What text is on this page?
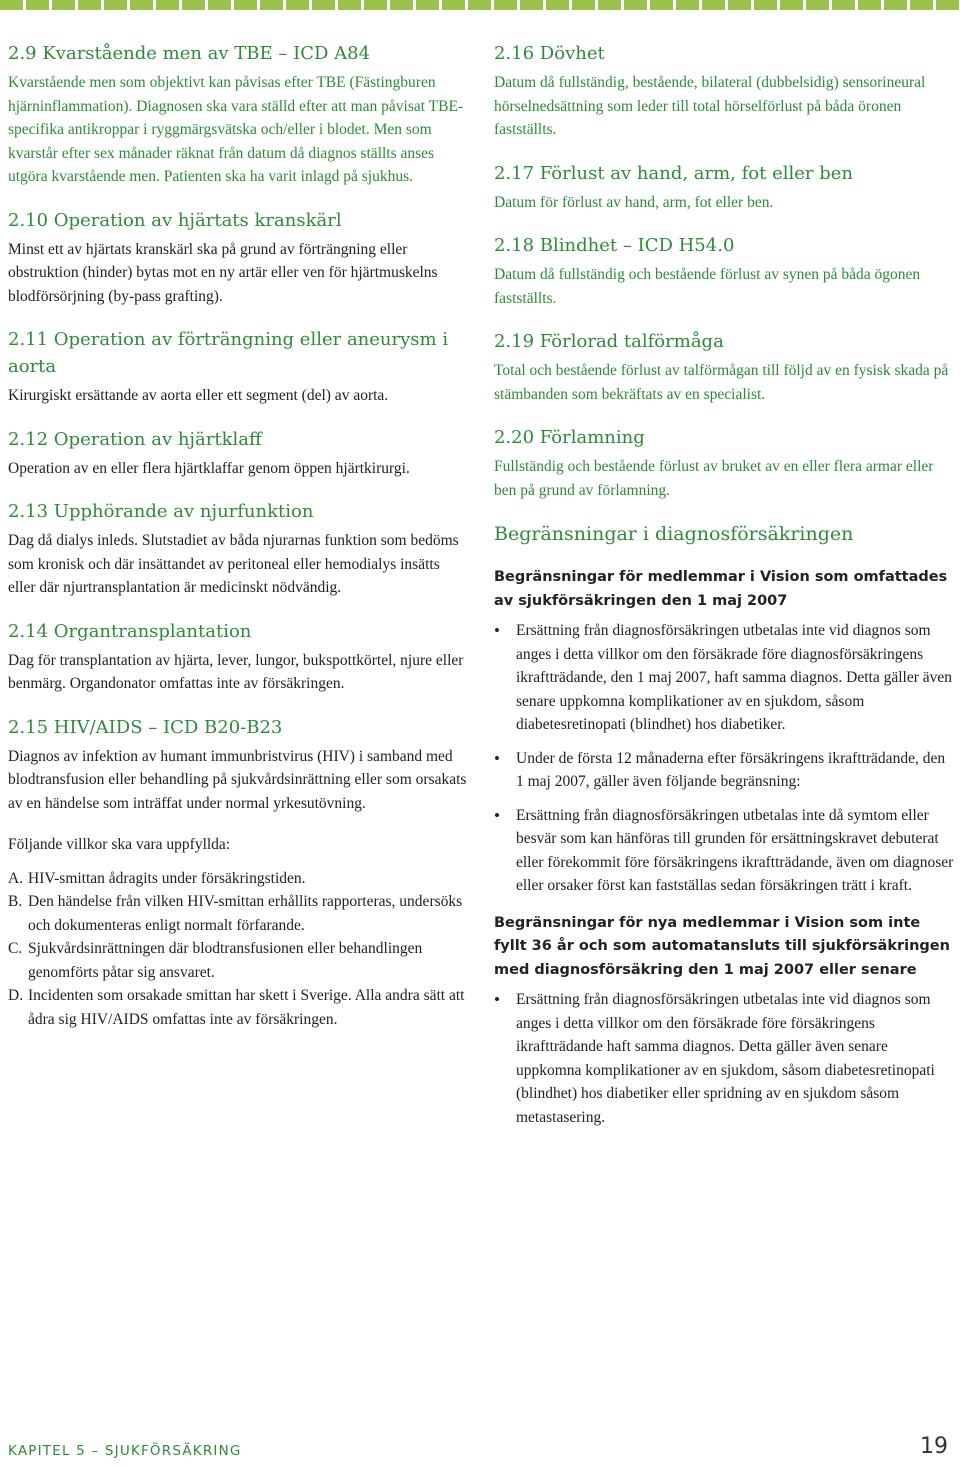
2.9 Kvarstående men av TBE – ICD A84

Kvarstående men som objektivt kan påvisas efter TBE (Fästingburen hjärninflammation). Diagnosen ska vara ställd efter att man påvisat TBE-specifika antikroppar i ryggmärgsvätska och/eller i blodet. Men som kvarstår efter sex månader räknat från datum då diagnos ställts anses utgöra kvarstående men. Patienten ska ha varit inlagd på sjukhus.

2.10 Operation av hjärtats kranskärl

Minst ett av hjärtats kranskärl ska på grund av förträngning eller obstruktion (hinder) bytas mot en ny artär eller ven för hjärtmuskelns blodförsörjning (by-pass grafting).

2.11 Operation av förträngning eller aneurysm i aorta

Kirurgiskt ersättande av aorta eller ett segment (del) av aorta.

2.12 Operation av hjärtklaff

Operation av en eller flera hjärtklaffar genom öppen hjärtkirurgi.

2.13 Upphörande av njurfunktion

Dag då dialys inleds. Slutstadiet av båda njurarnas funktion som bedöms som kronisk och där insättandet av peritoneal eller hemodialys insätts eller där njurtransplantation är medicinskt nödvändig.

2.14 Organtransplantation

Dag för transplantation av hjärta, lever, lungor, bukspottkörtel, njure eller benmärg. Organdonator omfattas inte av försäkringen.

2.15 HIV/AIDS – ICD B20-B23

Diagnos av infektion av humant immunbristvirus (HIV) i samband med blodtransfusion eller behandling på sjukvårdsinrättning eller som orsakats av en händelse som inträffat under normal yrkesutövning.

Följande villkor ska vara uppfyllda:

A. HIV-smittan ådragits under försäkringstiden.
B. Den händelse från vilken HIV-smittan erhållits rapporteras, undersöks och dokumenteras enligt normalt förfarande.
C. Sjukvårdsinrättningen där blodtransfusionen eller behandlingen genomförts påtar sig ansvaret.
D. Incidenten som orsakade smittan har skett i Sverige. Alla andra sätt att ådra sig HIV/AIDS omfattas inte av försäkringen.
2.16 Dövhet

Datum då fullständig, bestående, bilateral (dubbelsidig) sensorineural hörselnedsättning som leder till total hörselförlust på båda öronen fastställts.

2.17 Förlust av hand, arm, fot eller ben

Datum för förlust av hand, arm, fot eller ben.

2.18 Blindhet – ICD H54.0

Datum då fullständig och bestående förlust av synen på båda ögonen fastställts.

2.19 Förlorad talförmåga

Total och bestående förlust av talförmågan till följd av en fysisk skada på stämbanden som bekräftats av en specialist.

2.20 Förlamning

Fullständig och bestående förlust av bruket av en eller flera armar eller ben på grund av förlamning.

Begränsningar i diagnosförsäkringen
Begränsningar för medlemmar i Vision som omfattades av sjukförsäkringen den 1 maj 2007
• Ersättning från diagnosförsäkringen utbetalas inte vid diagnos som anges i detta villkor om den försäkrade före diagnosförsäkringens ikraftträdande, den 1 maj 2007, haft samma diagnos. Detta gäller även senare uppkomna komplikationer av en sjukdom, såsom diabetesretinopati (blindhet) hos diabetiker.
• Under de första 12 månaderna efter försäkringens ikraftträdande, den 1 maj 2007, gäller även följande begränsning:
• Ersättning från diagnosförsäkringen utbetalas inte då symtom eller besvär som kan hänföras till grunden för ersättningskravet debuterat eller förekommit före försäkringens ikraftträdande, även om diagnoser eller orsaker först kan fastställas sedan försäkringen trätt i kraft.
Begränsningar för nya medlemmar i Vision som inte fyllt 36 år och som automatansluts till sjukförsäkringen med diagnosförsäkring den 1 maj 2007 eller senare
• Ersättning från diagnosförsäkringen utbetalas inte vid diagnos som anges i detta villkor om den försäkrade före försäkringens ikraftträdande haft samma diagnos. Detta gäller även senare uppkomna komplikationer av en sjukdom, såsom diabetesretinopati (blindhet) hos diabetiker eller spridning av en sjukdom såsom metastasering.
KAPITEL 5 – SJUKFÖRSÄKRING	19
